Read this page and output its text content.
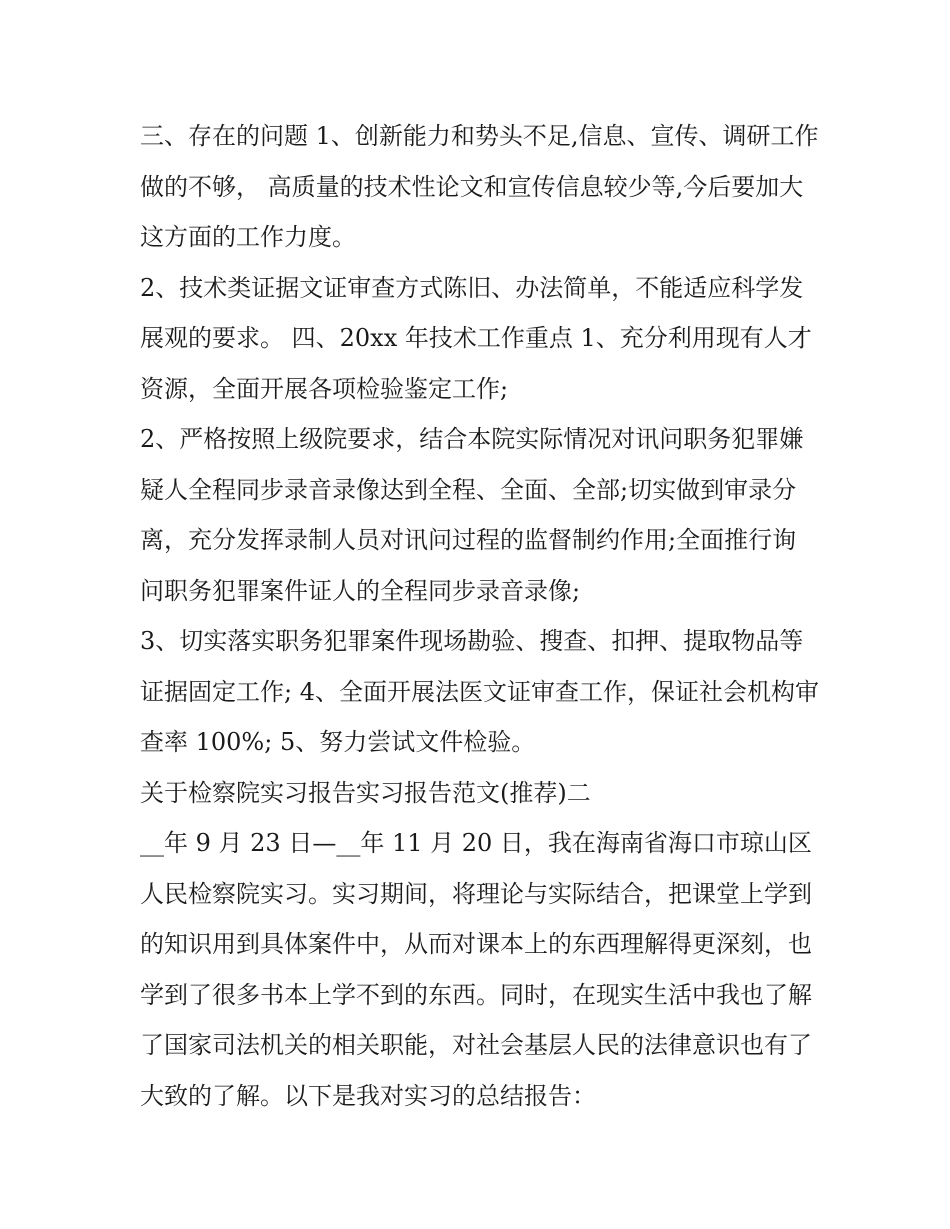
三、存在的问题 1、创新能力和势头不足,信息、宣传、调研工作做的不够， 高质量的技术性论文和宣传信息较少等,今后要加大这方面的工作力度。

2、技术类证据文证审查方式陈旧、办法简单，不能适应科学发展观的要求。 四、20xx 年技术工作重点 1、充分利用现有人才资源，全面开展各项检验鉴定工作;

2、严格按照上级院要求，结合本院实际情况对讯问职务犯罪嫌疑人全程同步录音录像达到全程、全面、全部;切实做到审录分离，充分发挥录制人员对讯问过程的监督制约作用;全面推行询问职务犯罪案件证人的全程同步录音录像;

3、切实落实职务犯罪案件现场勘验、搜查、扣押、提取物品等证据固定工作; 4、全面开展法医文证审查工作，保证社会机构审查率 100%; 5、努力尝试文件检验。

关于检察院实习报告实习报告范文(推荐)二

__年 9 月 23 日—__年 11 月 20 日，我在海南省海口市琼山区人民检察院实习。实习期间，将理论与实际结合，把课堂上学到的知识用到具体案件中，从而对课本上的东西理解得更深刻，也学到了很多书本上学不到的东西。同时，在现实生活中我也了解了国家司法机关的相关职能，对社会基层人民的法律意识也有了大致的了解。以下是我对实习的总结报告：
